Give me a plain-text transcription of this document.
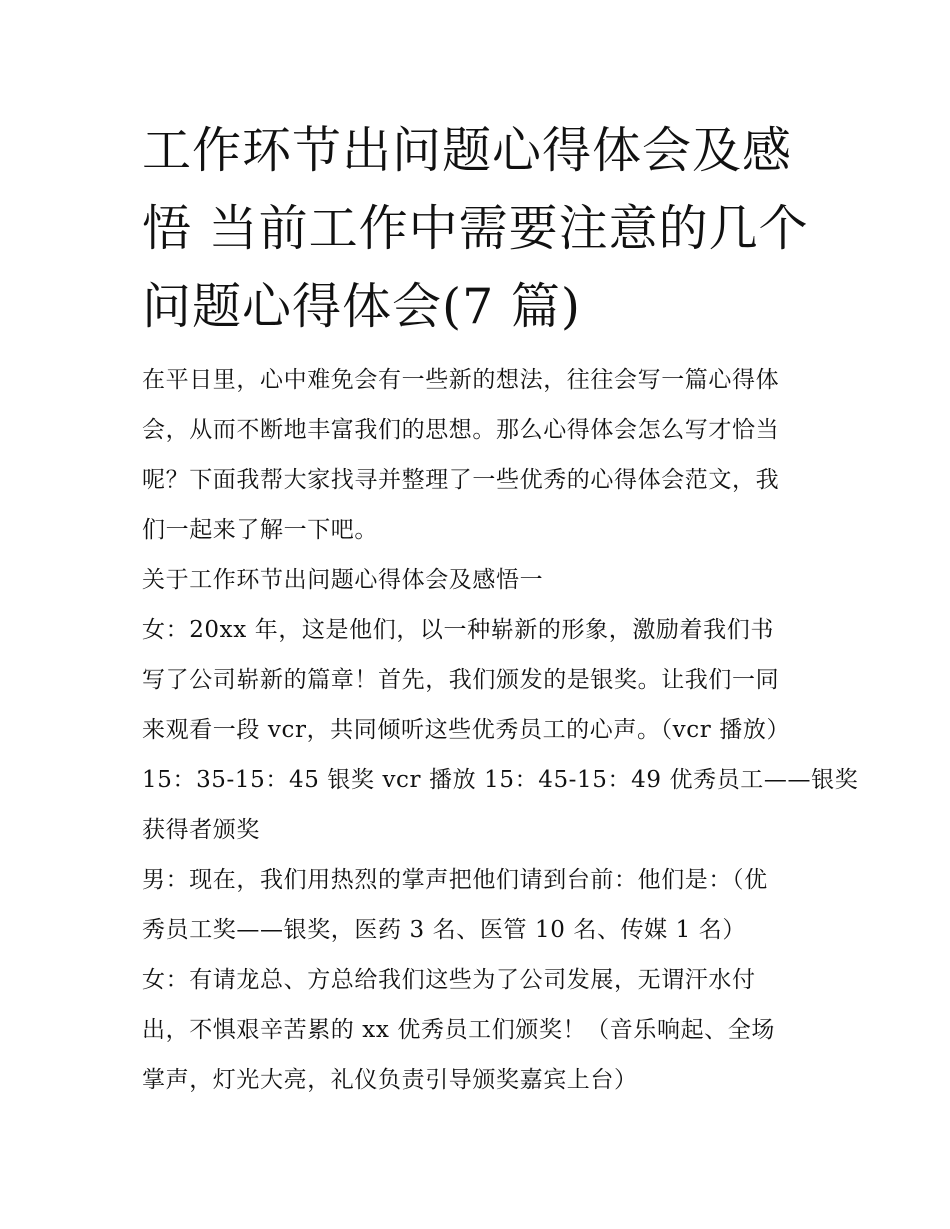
工作环节出问题心得体会及感
悟 当前工作中需要注意的几个
问题心得体会(7 篇)

在平日里，心中难免会有一些新的想法，往往会写一篇心得体
会，从而不断地丰富我们的思想。那么心得体会怎么写才恰当
呢？下面我帮大家找寻并整理了一些优秀的心得体会范文，我
们一起来了解一下吧。

关于工作环节出问题心得体会及感悟一

女：20xx 年，这是他们，以一种崭新的形象，激励着我们书
写了公司崭新的篇章！首先，我们颁发的是银奖。让我们一同
来观看一段 vcr，共同倾听这些优秀员工的心声。（vcr 播放）
15：35-15：45 银奖 vcr 播放 15：45-15：49 优秀员工——银奖
获得者颁奖

男：现在，我们用热烈的掌声把他们请到台前：他们是：（优
秀员工奖——银奖，医药 3 名、医管 10 名、传媒 1 名）

女：有请龙总、方总给我们这些为了公司发展，无谓汗水付
出，不惧艰辛苦累的 xx 优秀员工们颁奖！（音乐响起、全场
掌声，灯光大亮，礼仪负责引导颁奖嘉宾上台）
